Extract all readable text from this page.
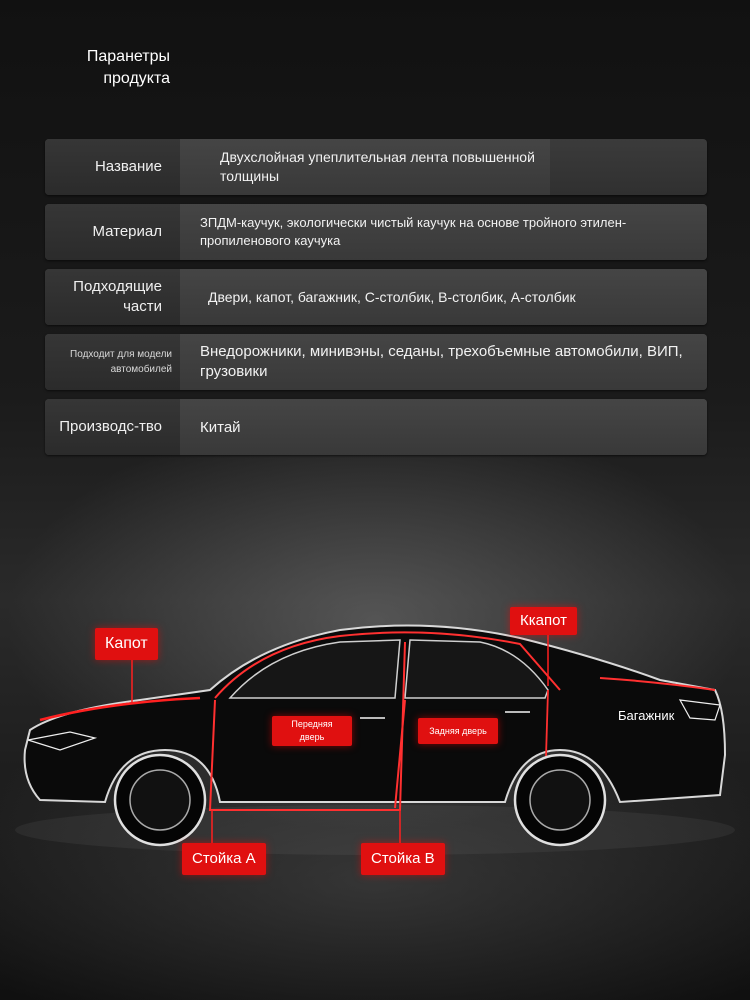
Паранетры продукта
Название
Двухслойная упеплительная лента повышенной толщины
Материал
ЗПДМ-каучук, экологически чистый каучук на основе тройного этилен-пропиленового каучука
Подходящие части
Двери, капот, багажник, С-столбик, В-столбик, А-столбик
Подходит для модели автомобилей
Внедорожники, минивэны, седаны, трехобъемные автомобили, ВИП, грузовики
Производс-тво	Китай
Капот
Ккапот
Передняя дверь
Задняя дверь
Багажник
Стойка А	Стойка В
